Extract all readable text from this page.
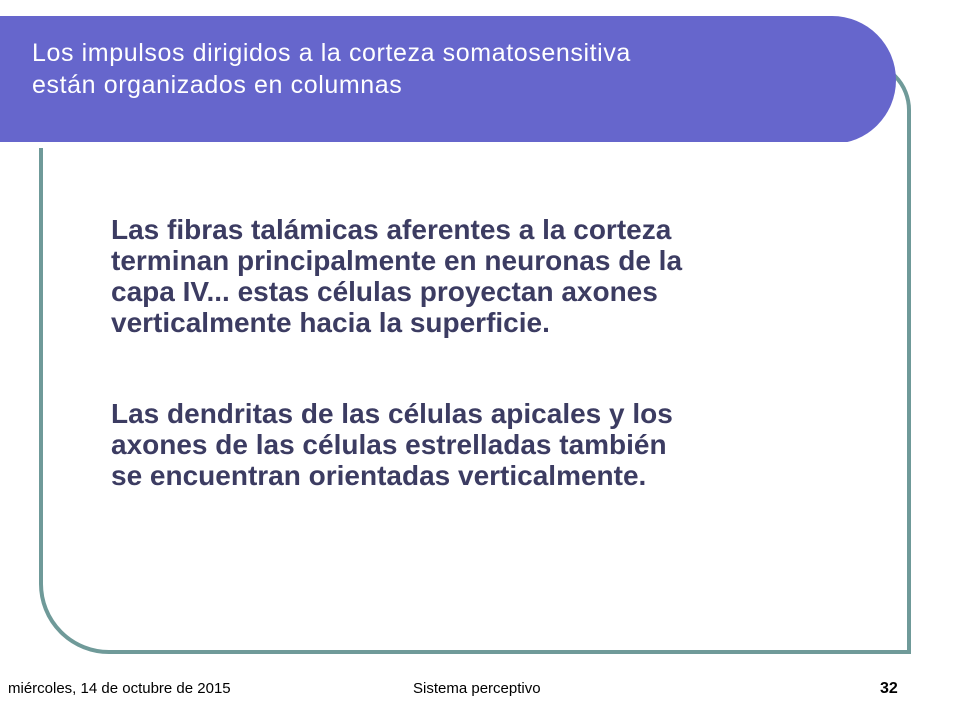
Los impulsos dirigidos a la corteza somatosensitiva
están organizados en columnas

Las fibras talámicas aferentes a la corteza
terminan principalmente en neuronas de la
capa IV... estas células proyectan axones
verticalmente hacia la superficie.

Las dendritas de las células apicales y los
axones de las células estrelladas también
se encuentran orientadas verticalmente.

miércoles, 14 de octubre de 2015	Sistema perceptivo	32
